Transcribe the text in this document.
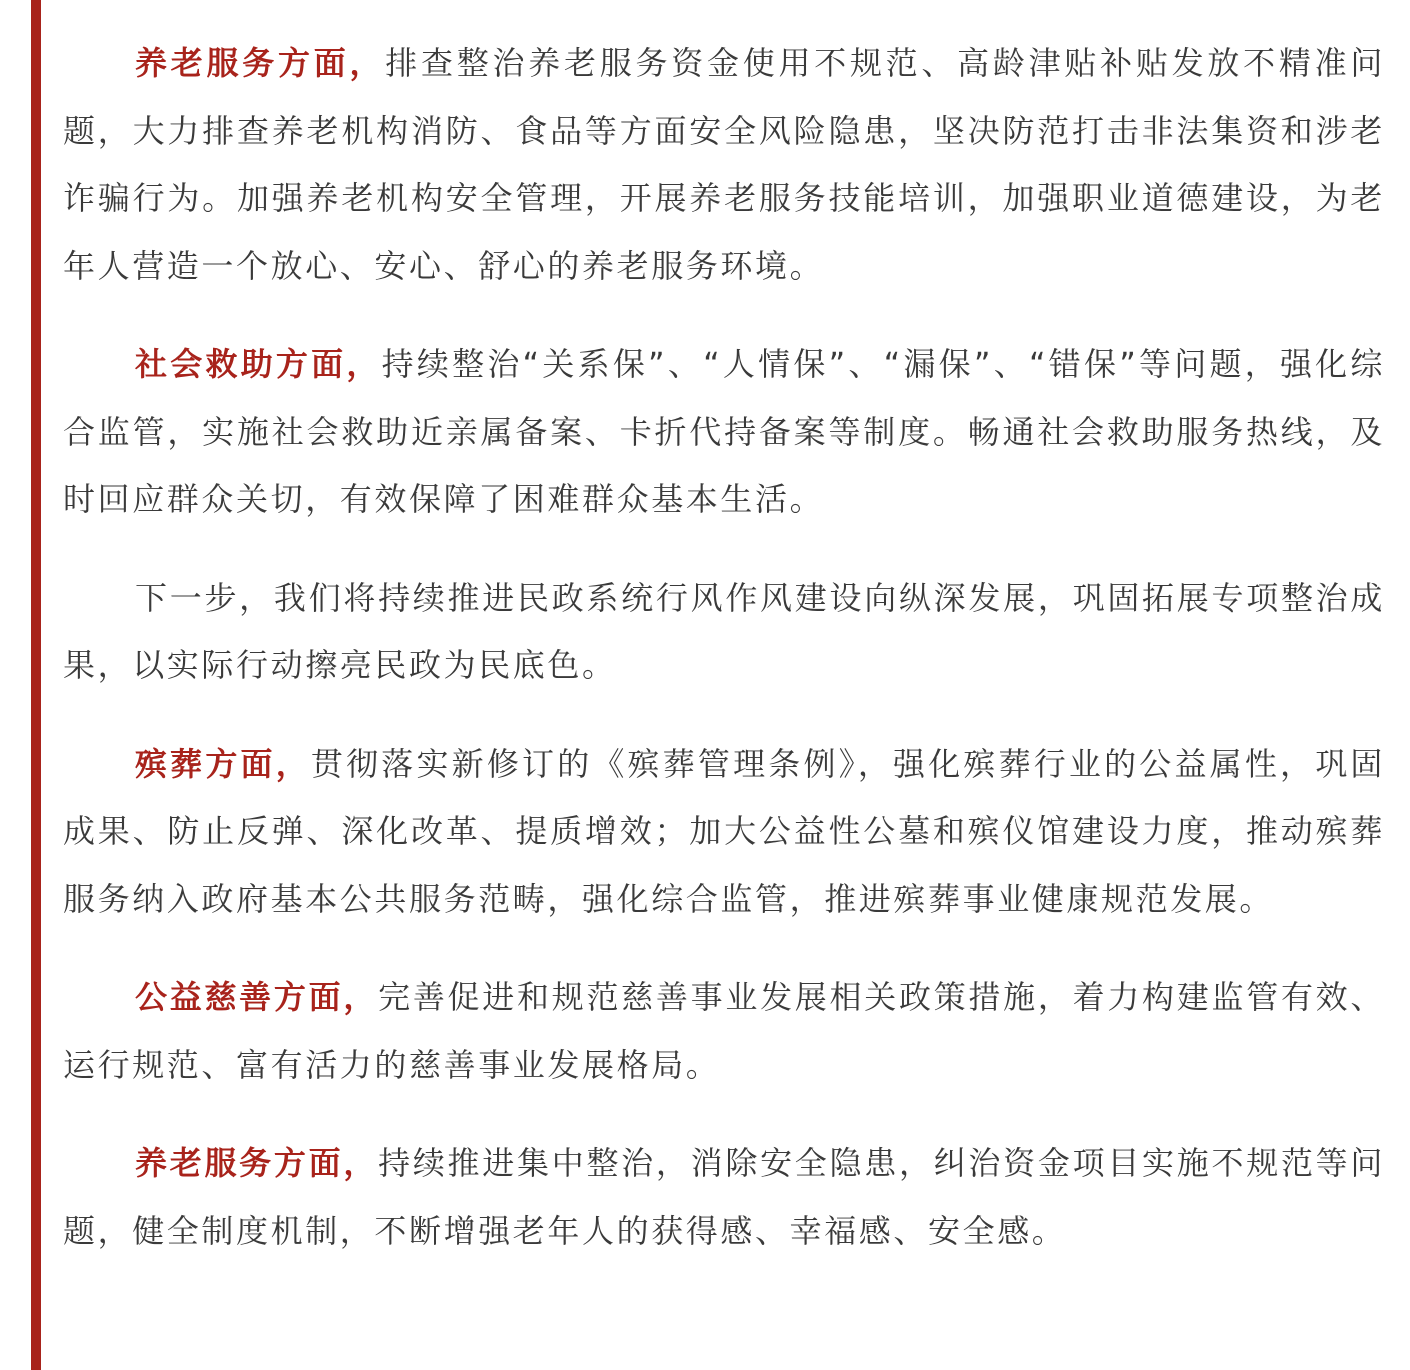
养老服务方面，排查整治养老服务资金使用不规范、高龄津贴补贴发放不精准问题，大力排查养老机构消防、食品等方面安全风险隐患，坚决防范打击非法集资和涉老诈骗行为。加强养老机构安全管理，开展养老服务技能培训，加强职业道德建设，为老年人营造一个放心、安心、舒心的养老服务环境。

社会救助方面，持续整治“关系保”、“人情保”、“漏保”、“错保”等问题，强化综合监管，实施社会救助近亲属备案、卡折代持备案等制度。畅通社会救助服务热线，及时回应群众关切，有效保障了困难群众基本生活。

下一步，我们将持续推进民政系统行风作风建设向纵深发展，巩固拓展专项整治成果，以实际行动擦亮民政为民底色。

殡葬方面，贯彻落实新修订的《殡葬管理条例》，强化殡葬行业的公益属性，巩固成果、防止反弹、深化改革、提质增效；加大公益性公墓和殡仪馆建设力度，推动殡葬服务纳入政府基本公共服务范畴，强化综合监管，推进殡葬事业健康规范发展。

公益慈善方面，完善促进和规范慈善事业发展相关政策措施，着力构建监管有效、运行规范、富有活力的慈善事业发展格局。

养老服务方面，持续推进集中整治，消除安全隐患，纠治资金项目实施不规范等问题，健全制度机制，不断增强老年人的获得感、幸福感、安全感。
